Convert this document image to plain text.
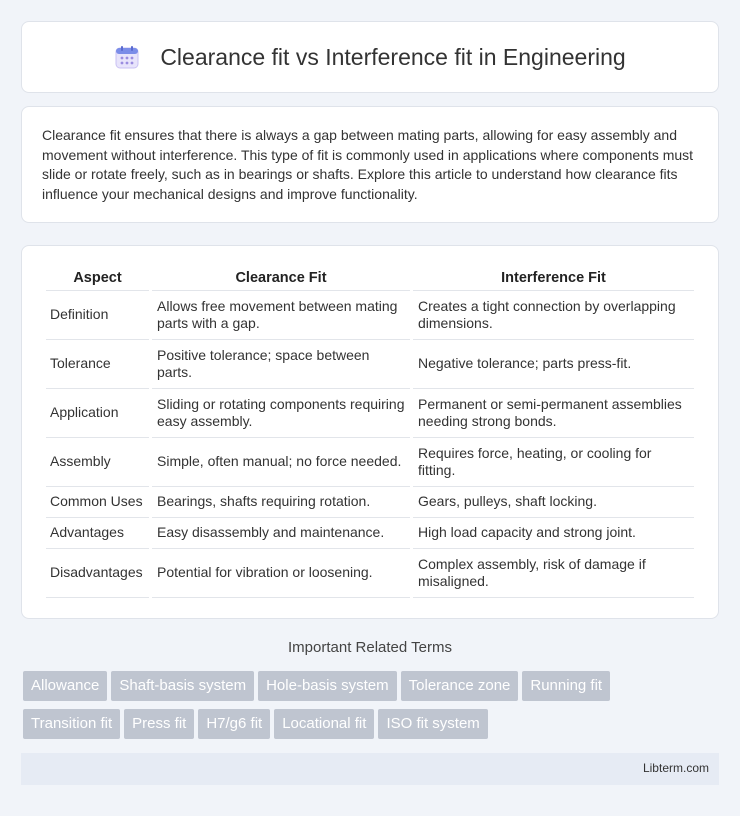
Clearance fit vs Interference fit in Engineering

Clearance fit ensures that there is always a gap between mating parts, allowing for easy assembly and movement without interference. This type of fit is commonly used in applications where components must slide or rotate freely, such as in bearings or shafts. Explore this article to understand how clearance fits influence your mechanical designs and improve functionality.

Aspect	Clearance Fit	Interference Fit
Definition	Allows free movement between mating parts with a gap.	Creates a tight connection by overlapping dimensions.
Tolerance	Positive tolerance; space between parts.	Negative tolerance; parts press-fit.
Application	Sliding or rotating components requiring easy assembly.	Permanent or semi-permanent assemblies needing strong bonds.
Assembly	Simple, often manual; no force needed.	Requires force, heating, or cooling for fitting.
Common Uses	Bearings, shafts requiring rotation.	Gears, pulleys, shaft locking.
Advantages	Easy disassembly and maintenance.	High load capacity and strong joint.
Disadvantages	Potential for vibration or loosening.	Complex assembly, risk of damage if misaligned.
Important Related Terms
Allowance Shaft-basis system Hole-basis system Tolerance zone Running fit
Transition fit Press fit H7/g6 fit Locational fit ISO fit system
Libterm.com
